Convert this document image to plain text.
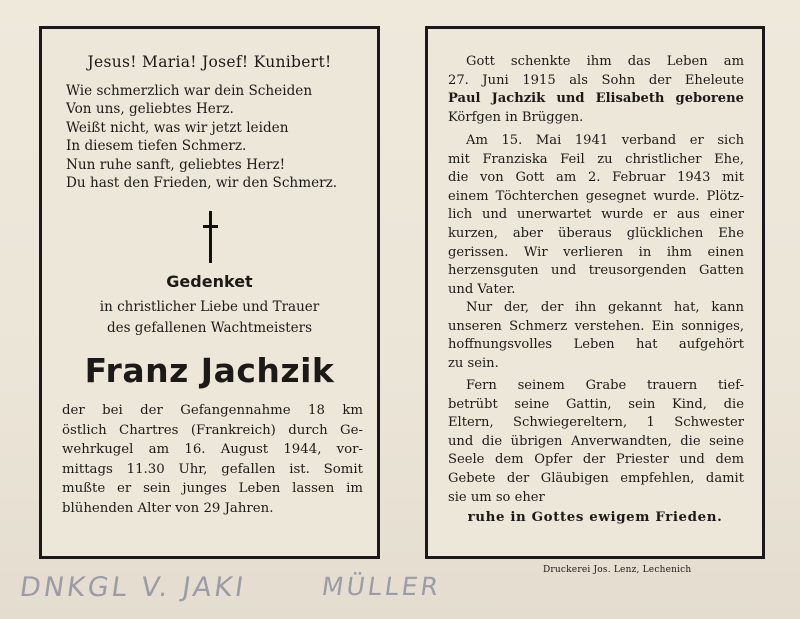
Jesus! Maria! Josef! Kunibert!
Wie schmerzlich war dein Scheiden
Von uns, geliebtes Herz.
Weißt nicht, was wir jetzt leiden
In diesem tiefen Schmerz.
Nun ruhe sanft, geliebtes Herz!
Du hast den Frieden, wir den Schmerz.
Gedenket
in christlicher Liebe und Trauer
des gefallenen Wachtmeisters
Franz Jachzik
der bei der Gefangennahme 18 km
östlich Chartres (Frankreich) durch Ge-
wehrkugel am 16. August 1944, vor-
mittags 11.30 Uhr, gefallen ist. Somit
mußte er sein junges Leben lassen im
blühenden Alter von 29 Jahren.
Gott schenkte ihm das Leben am
27. Juni 1915 als Sohn der Eheleute
Paul Jachzik und Elisabeth geborene
Körfgen in Brüggen.
Am 15. Mai 1941 verband er sich
mit Franziska Feil zu christlicher Ehe,
die von Gott am 2. Februar 1943 mit
einem Töchterchen gesegnet wurde. Plötz-
lich und unerwartet wurde er aus einer
kurzen, aber überaus glücklichen Ehe
gerissen. Wir verlieren in ihm einen
herzensguten und treusorgenden Gatten
und Vater.
Nur der, der ihn gekannt hat, kann
unseren Schmerz verstehen. Ein sonniges,
hoffnungsvolles Leben hat aufgehört
zu sein.
Fern seinem Grabe trauern tief-
betrübt seine Gattin, sein Kind, die
Eltern, Schwiegereltern, 1 Schwester
und die übrigen Anverwandten, die seine
Seele dem Opfer der Priester und dem
Gebete der Gläubigen empfehlen, damit
sie um so eher
ruhe in Gottes ewigem Frieden.
Druckerei Jos. Lenz, Lechenich
DNKGL V. JAKI	MÜLLER
